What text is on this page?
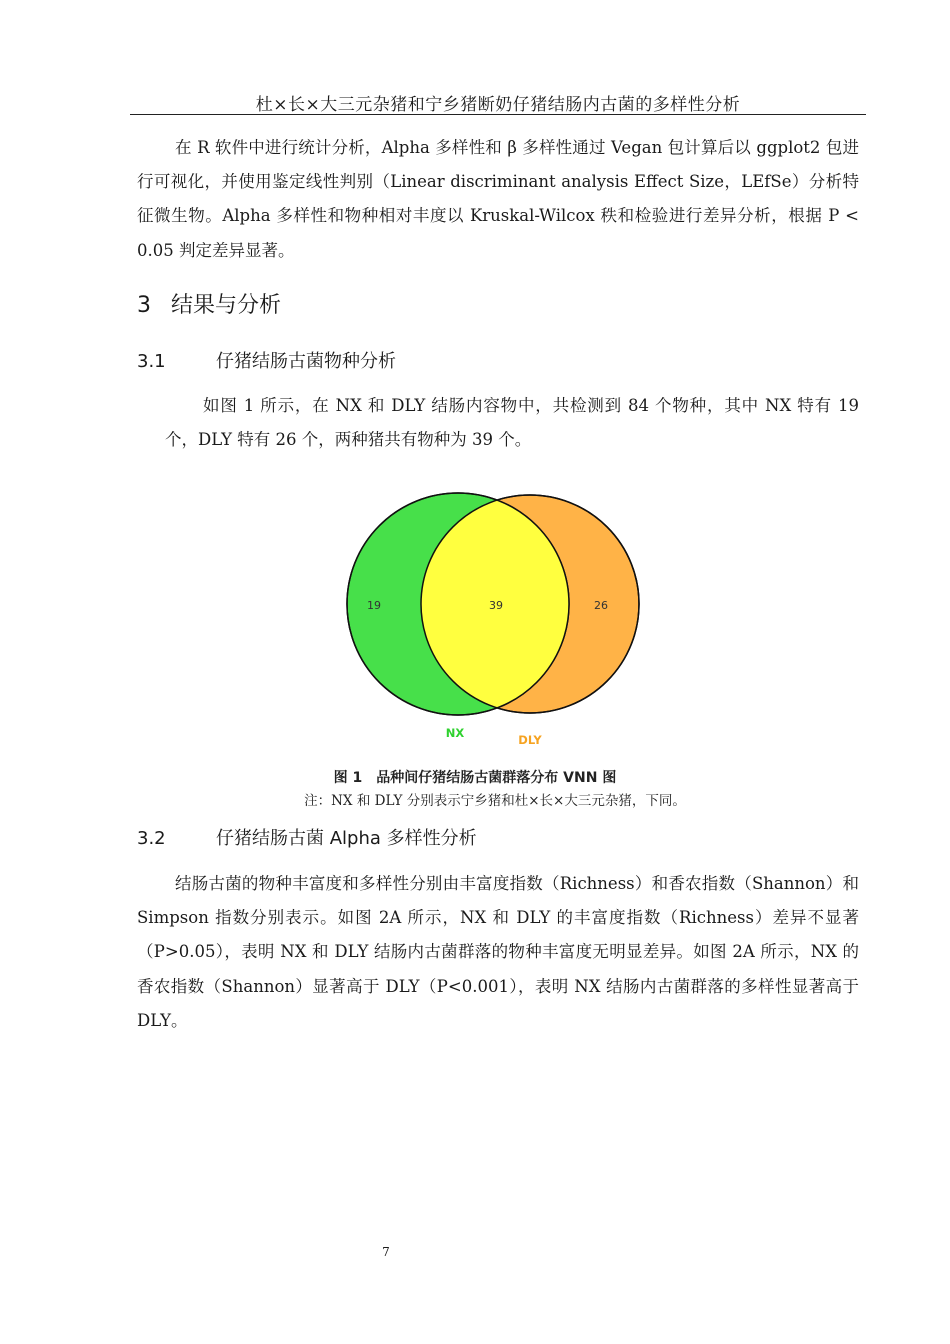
杜×长×大三元杂猪和宁乡猪断奶仔猪结肠内古菌的多样性分析

在 R 软件中进行统计分析，Alpha 多样性和 β 多样性通过 Vegan 包计算后以 ggplot2 包进行可视化，并使用鉴定线性判别（Linear discriminant analysis Effect Size，LEfSe）分析特征微生物。Alpha 多样性和物种相对丰度以 Kruskal-Wilcox 秩和检验进行差异分析，根据 P < 0.05 判定差异显著。

3 结果与分析
3.1	仔猪结肠古菌物种分析

如图 1 所示，在 NX 和 DLY 结肠内容物中，共检测到 84 个物种，其中 NX 特有 19 个，DLY 特有 26 个，两种猪共有物种为 39 个。

19	39	26
NX	DLY
图 1 品种间仔猪结肠古菌群落分布 VNN 图
注：NX 和 DLY 分别表示宁乡猪和杜×长×大三元杂猪，下同。
3.2	仔猪结肠古菌 Alpha 多样性分析

结肠古菌的物种丰富度和多样性分别由丰富度指数（Richness）和香农指数（Shannon）和 Simpson 指数分别表示。如图 2A 所示，NX 和 DLY 的丰富度指数（Richness）差异不显著（P>0.05），表明 NX 和 DLY 结肠内古菌群落的物种丰富度无明显差异。如图 2A 所示，NX 的香农指数（Shannon）显著高于 DLY（P<0.001），表明 NX 结肠内古菌群落的多样性显著高于 DLY。

7
